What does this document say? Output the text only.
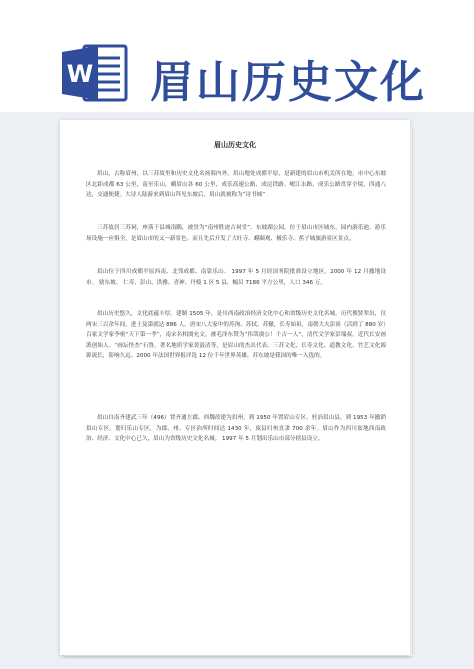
W 眉山历史文化
眉山历史文化
眉山，古称眉州，以三苏故里和历史文化名扬海内外。眉山地处成都平原，是新建的眉山市机关所在地。市中心东坡区北距成都 63 公里，南至乐山，峨眉山各 60 公里，成乐高速公路、成昆铁路、岷江水路、成乐公路贯穿全境，四通八达，交通便捷。大诗人陆游来到眉山拜见东坡后，眉山就被称为“诗书城”
三苏故居三苏祠，座落于县城南隅，被誉为“南州胜迹古祠堂”。东坡湖公园，位于眉山市区城东，园内游乐池、游乐场设施一应俱全，是眉山市的又一新景色。而且先后开发了大旺寺、蟆颐观、极乐寺、蕉子城旅游景区景点。
眉山位于四川成都平原西南、北邻成都、南靠乐山。 1997 年 5 月经国务院批准设立地区，2000 年 12 月撤地设市。 辖东坡、 仁寿、彭山、洪雅、青神、丹棱 1 区 5 县，幅员 7186 平方公里，人口 346 万。
眉山历史悠久，文化底蕴丰厚。建制 1505 年，是川西南政治经济文化中心和省级历史文化名城。历代俊贤辈出，仅两宋三百余年间，进士及第就达 886 人。唐宋八大家中的苏洵、苏轼、苏辙，长寿始祖，南朝大夫彭祖（活到了 880 岁）百家文学家李密“天下第一孝”，南宋名相虞允文，被毛泽东赞为“伟哉虞公！千古一人”，清代文学家彭端叔，近代长安画派创始人、“画坛怪杰”石鲁，著名地质学家黄汲清等，是眉山的杰出代表。三苏文化、长寿文化、道教文化、竹艺文化源源流长，影响久远。2000 年法国世界报评选 12 位千年世界英雄，苏东坡是我国的唯一入选的。
眉山自南齐建武三年（496）置齐通左郡，西魏改建为眉州，到 1950 年置眉山专区，驻治眉山县，到 1953 年撤销眉山专区，划归乐山专区，为郡、州、专区治所时间达 1430 年，废县归州直隶 700 余年。眉山作为四川盆地西南政治、经济、文化中心已久，眉山为省级历史文化名城。 1997 年 5 月划出乐山市部分辖县设立。
